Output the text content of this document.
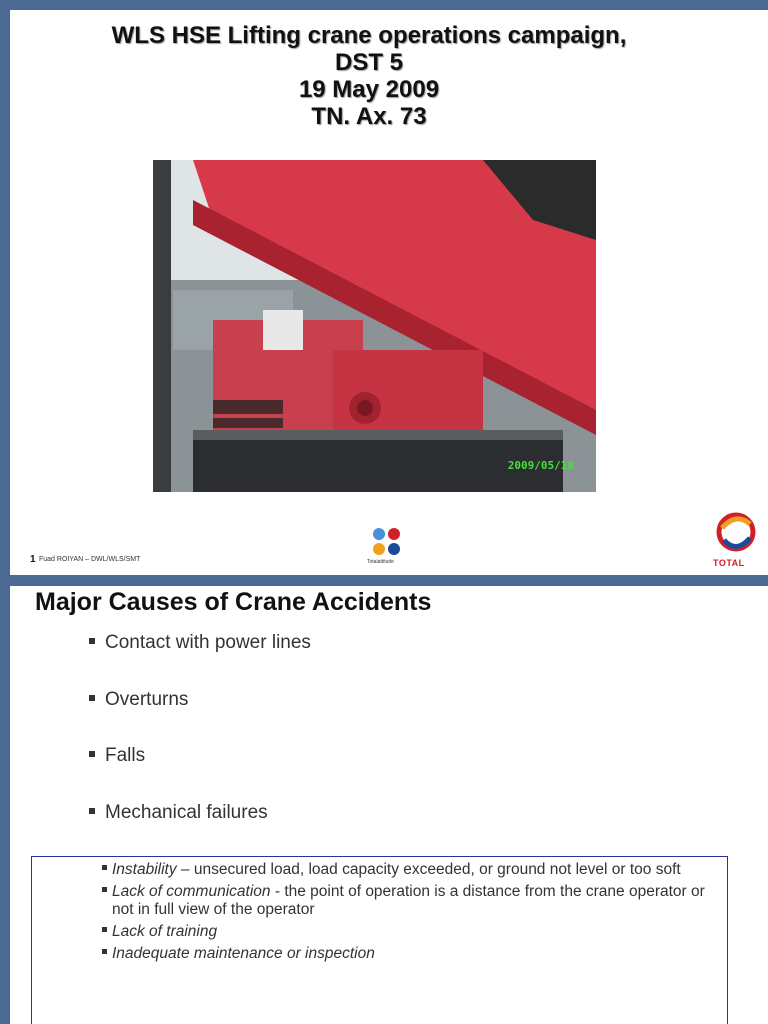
WLS HSE Lifting crane operations campaign,
DST 5
19 May 2009
TN. Ax. 73
2009/05/18
1 Fuad ROIYAN – DWL/WLS/SMT	Totalattitude	TOTAL
Major Causes of Crane Accidents
Contact with power lines
Overturns
Falls
Mechanical failures
Instability – unsecured load, load capacity exceeded, or ground not level or too soft
Lack of communication - the point of operation is a distance from the crane operator or not in full view of the operator
Lack of training
Inadequate maintenance or inspection
